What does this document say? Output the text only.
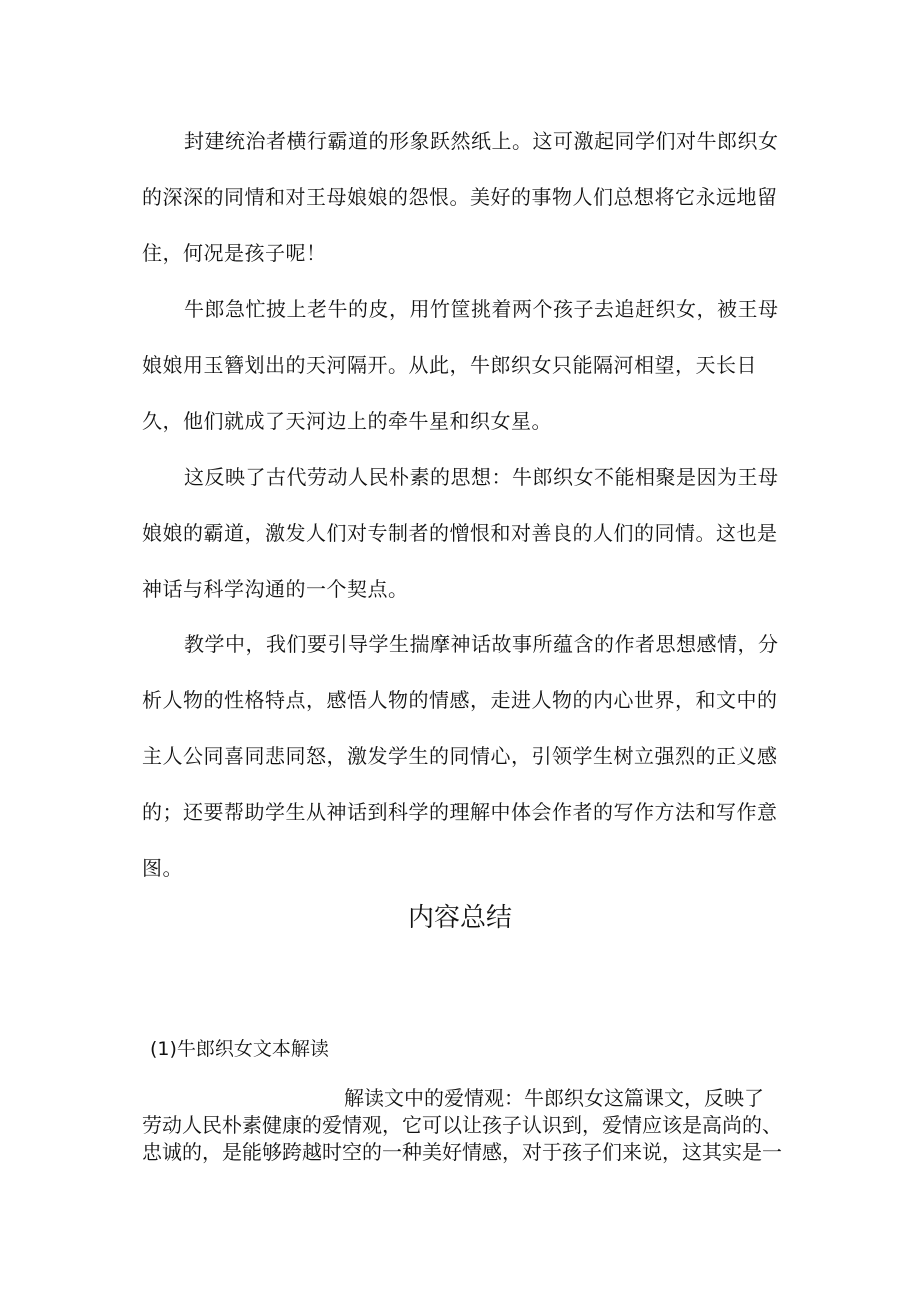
封建统治者横行霸道的形象跃然纸上。这可激起同学们对牛郎织女
的深深的同情和对王母娘娘的怨恨。美好的事物人们总想将它永远地留
住，何况是孩子呢！
牛郎急忙披上老牛的皮，用竹筐挑着两个孩子去追赶织女，被王母
娘娘用玉簪划出的天河隔开。从此，牛郎织女只能隔河相望，天长日
久，他们就成了天河边上的牵牛星和织女星。
这反映了古代劳动人民朴素的思想：牛郎织女不能相聚是因为王母
娘娘的霸道，激发人们对专制者的憎恨和对善良的人们的同情。这也是
神话与科学沟通的一个契点。
教学中，我们要引导学生揣摩神话故事所蕴含的作者思想感情，分
析人物的性格特点，感悟人物的情感，走进人物的内心世界，和文中的
主人公同喜同悲同怒，激发学生的同情心，引领学生树立强烈的正义感
的；还要帮助学生从神话到科学的理解中体会作者的写作方法和写作意
图。
内容总结
(1)牛郎织女文本解读
解读文中的爱情观：牛郎织女这篇课文，反映了
劳动人民朴素健康的爱情观，它可以让孩子认识到，爱情应该是高尚的、
忠诚的，是能够跨越时空的一种美好情感，对于孩子们来说，这其实是一
